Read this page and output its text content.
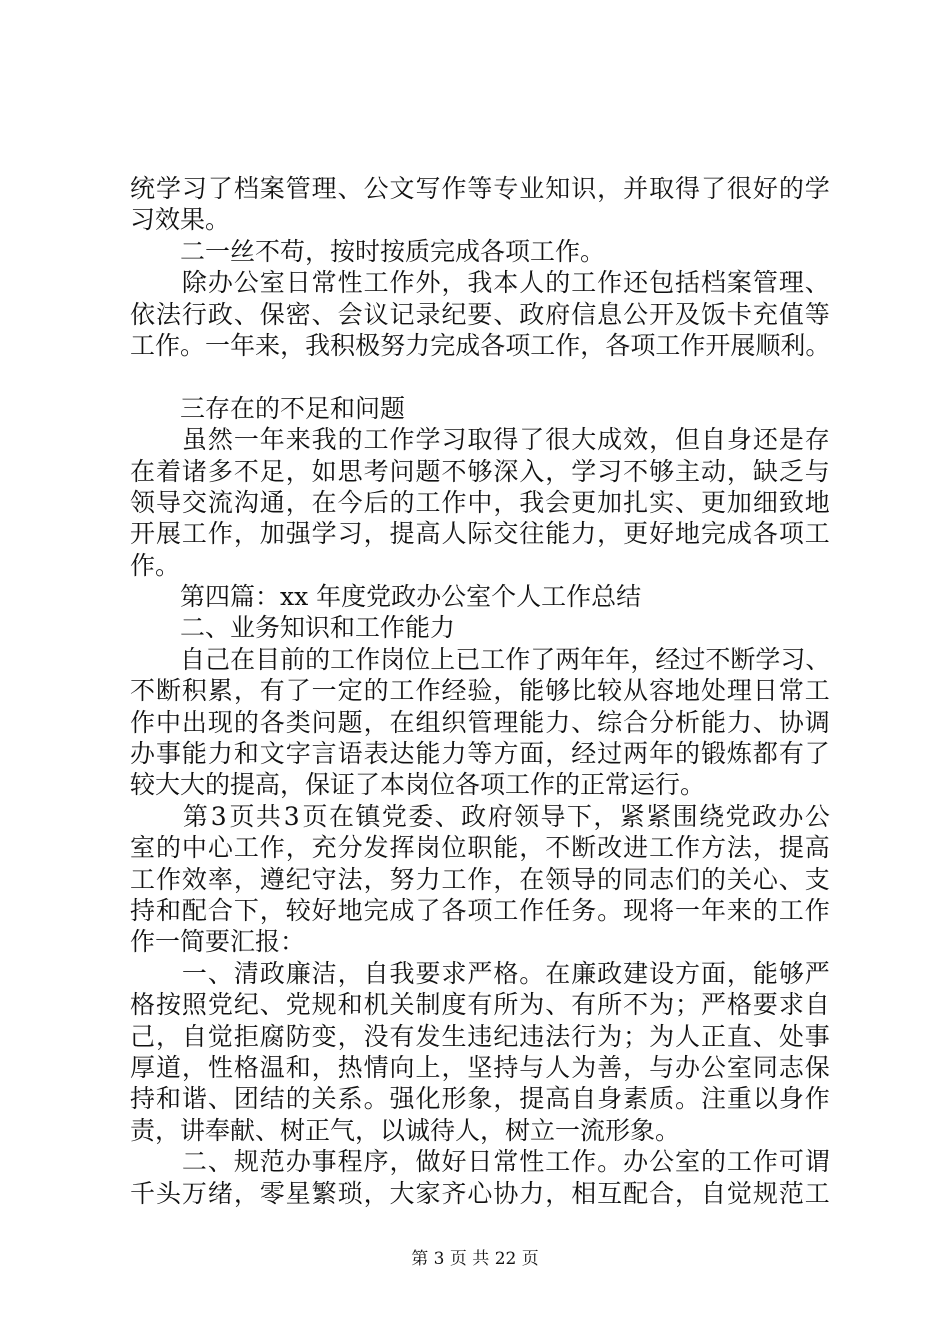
统 学 习 了 档 案 管 理 、 公 文 写 作 等 专 业 知 识 ， 并 取 得 了 很 好 的 学
习效果。
　　二一丝不苟，按时按质完成各项工作。

除 办 公 室 日 常 性 工 作 外 ， 我 本 人 的 工 作 还 包 括 档 案 管 理 、
依 法 行 政 、 保 密 、 会 议 记 录 纪 要 、 政 府 信 息 公 开 及 饭 卡 充 值 等
工 作 。 一 年 来 ， 我 积 极 努 力 完 成 各 项 工 作 ， 各 项 工 作 开 展 顺 利 。
　　三存在的不足和问题

虽 然 一 年 来 我 的 工 作 学 习 取 得 了 很 大 成 效 ， 但 自 身 还 是 存
在 着 诸 多 不 足 ， 如 思 考 问 题 不 够 深 入 ， 学 习 不 够 主 动 ， 缺 乏 与
领 导 交 流 沟 通 ， 在 今 后 的 工 作 中 ， 我 会 更 加 扎 实 、 更 加 细 致 地
开 展 工 作 ， 加 强 学 习 ， 提 高 人 际 交 往 能 力 ， 更 好 地 完 成 各 项 工
作。
　　第四篇：xx 年度党政办公室个人工作总结
　　二、业务知识和工作能力

自 己 在 目 前 的 工 作 岗 位 上 已 工 作 了 两 年 年 ， 经 过 不 断 学 习 、
不 断 积 累 ， 有 了 一 定 的 工 作 经 验 ， 能 够 比 较 从 容 地 处 理 日 常 工
作 中 出 现 的 各 类 问 题 ， 在 组 织 管 理 能 力 、 综 合 分 析 能 力 、 协 调
办 事 能 力 和 文 字 言 语 表 达 能 力 等 方 面 ， 经 过 两 年 的 锻 炼 都 有 了
较大大的提高，保证了本岗位各项工作的正常运行。

第 3 页 共 3 页 在 镇 党 委 、 政 府 领 导 下 ， 紧 紧 围 绕 党 政 办 公
室 的 中 心 工 作 ， 充 分 发 挥 岗 位 职 能 ， 不 断 改 进 工 作 方 法 ， 提 高
工 作 效 率 ， 遵 纪 守 法 ， 努 力 工 作 ， 在 领 导 的 同 志 们 的 关 心 、 支
持 和 配 合 下 ， 较 好 地 完 成 了 各 项 工 作 任 务 。 现 将 一 年 来 的 工 作
作一简要汇报：

一 、 清 政 廉 洁 ， 自 我 要 求 严 格 。 在 廉 政 建 设 方 面 ， 能 够 严
格 按 照 党 纪 、 党 规 和 机 关 制 度 有 所 为 、 有 所 不 为 ； 严 格 要 求 自
己 ， 自 觉 拒 腐 防 变 ， 没 有 发 生 违 纪 违 法 行 为 ； 为 人 正 直 、 处 事
厚 道 ， 性 格 温 和 ， 热 情 向 上 ， 坚 持 与 人 为 善 ， 与 办 公 室 同 志 保
持 和 谐 、 团 结 的 关 系 。 强 化 形 象 ， 提 高 自 身 素 质 。 注 重 以 身 作
责，讲奉献、树正气，以诚待人，树立一流形象。

二 、 规 范 办 事 程 序 ， 做 好 日 常 性 工 作 。 办 公 室 的 工 作 可 谓
千 头 万 绪 ， 零 星 繁 琐 ， 大 家 齐 心 协 力 ， 相 互 配 合 ， 自 觉 规 范 工
第 3 页 共 22 页
